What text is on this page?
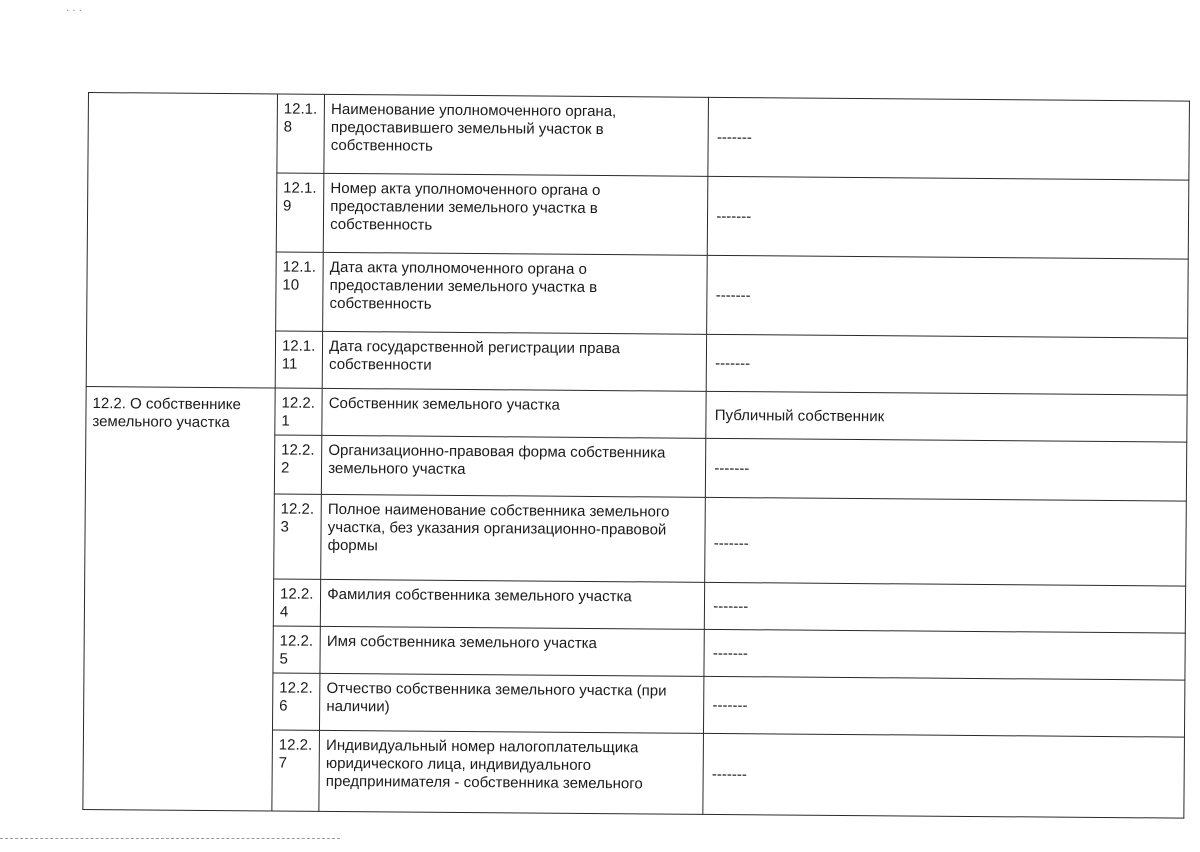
· · ·
	12.1.8	Наименование уполномоченного органа, предоставившего земельный участок в собственность	-------
	12.1.9	Номер акта уполномоченного органа о предоставлении земельного участка в собственность	-------
	12.1.10	Дата акта уполномоченного органа о предоставлении земельного участка в собственность	-------
	12.1.11	Дата государственной регистрации права собственности	-------
12.2. О собственнике земельного участка	12.2.1	Собственник земельного участка	Публичный собственник
	12.2.2	Организационно-правовая форма собственника земельного участка	-------
	12.2.3	Полное наименование собственника земельного участка, без указания организационно-правовой формы	-------
	12.2.4	Фамилия собственника земельного участка	-------
	12.2.5	Имя собственника земельного участка	-------
	12.2.6	Отчество собственника земельного участка (при наличии)	-------
	12.2.7	Индивидуальный номер налогоплательщика юридического лица, индивидуального предпринимателя - собственника земельного	-------
